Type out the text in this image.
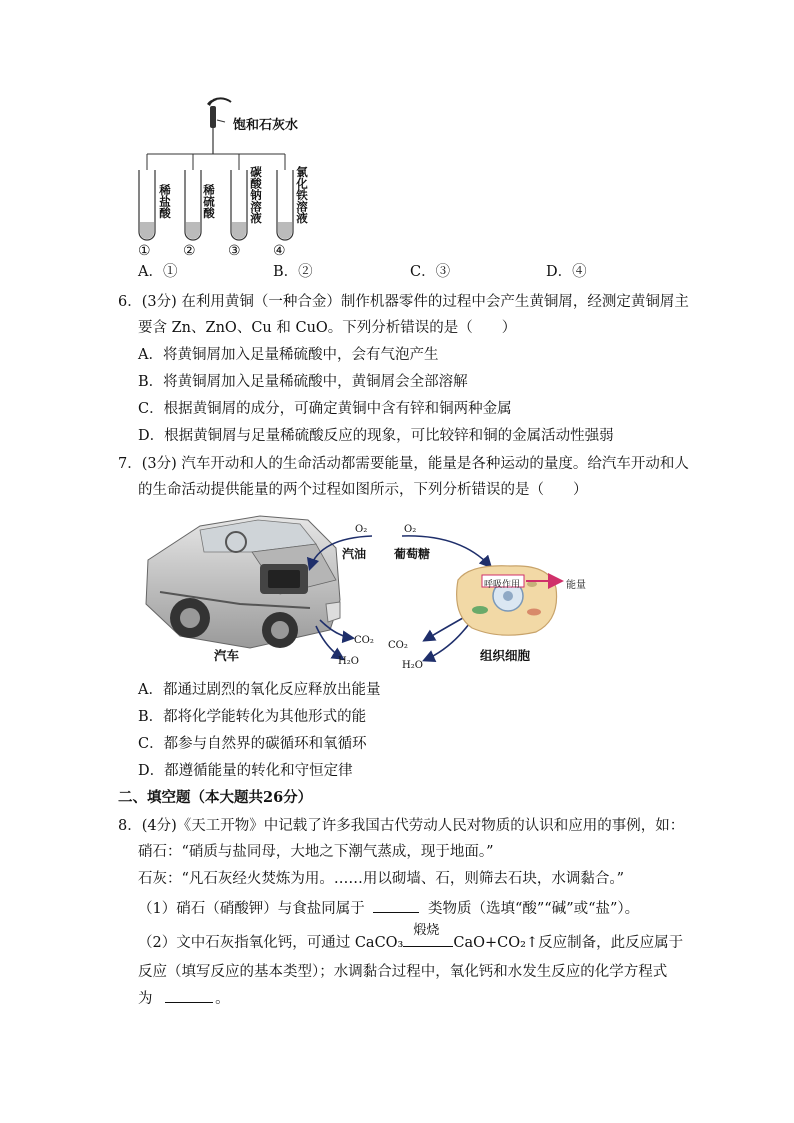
饱和石灰水
稀盐酸	稀硫酸	碳酸钠溶液	氯化铁溶液
① ② ③ ④
A．①	B．②	C．③	D．④
6．(3分) 在利用黄铜（一种合金）制作机器零件的过程中会产生黄铜屑，经测定黄铜屑主
要含 Zn、ZnO、Cu 和 CuO。下列分析错误的是（　　）
A．将黄铜屑加入足量稀硫酸中，会有气泡产生
B．将黄铜屑加入足量稀硫酸中，黄铜屑会全部溶解
C．根据黄铜屑的成分，可确定黄铜中含有锌和铜两种金属
D．根据黄铜屑与足量稀硫酸反应的现象，可比较锌和铜的金属活动性强弱
7．(3分) 汽车开动和人的生命活动都需要能量，能量是各种运动的量度。给汽车开动和人
的生命活动提供能量的两个过程如图所示，下列分析错误的是（　　）
O₂
汽油
O₂
葡萄糖
呼吸作用	能量
CO₂
H₂O
汽车
CO₂
H₂O
组织细胞
A．都通过剧烈的氧化反应释放出能量
B．都将化学能转化为其他形式的能
C．都参与自然界的碳循环和氧循环
D．都遵循能量的转化和守恒定律
二、填空题（本大题共26分）
8．(4分)《天工开物》中记载了许多我国古代劳动人民对物质的认识和应用的事例，如：
硝石：“硝质与盐同母，大地之下潮气蒸成，现于地面。”
石灰：“凡石灰经火焚炼为用。……用以砌墙、石，则筛去石块，水调黏合。”
（1）硝石（硝酸钾）与食盐同属于	类物质（选填“酸”“碱”或“盐”）。
（2）文中石灰指氧化钙，可通过 CaCO₃
煅烧
CaO+CO₂↑反应制备，此反应属于
反应（填写反应的基本类型）；水调黏合过程中，氧化钙和水发生反应的化学方程式
为	。
